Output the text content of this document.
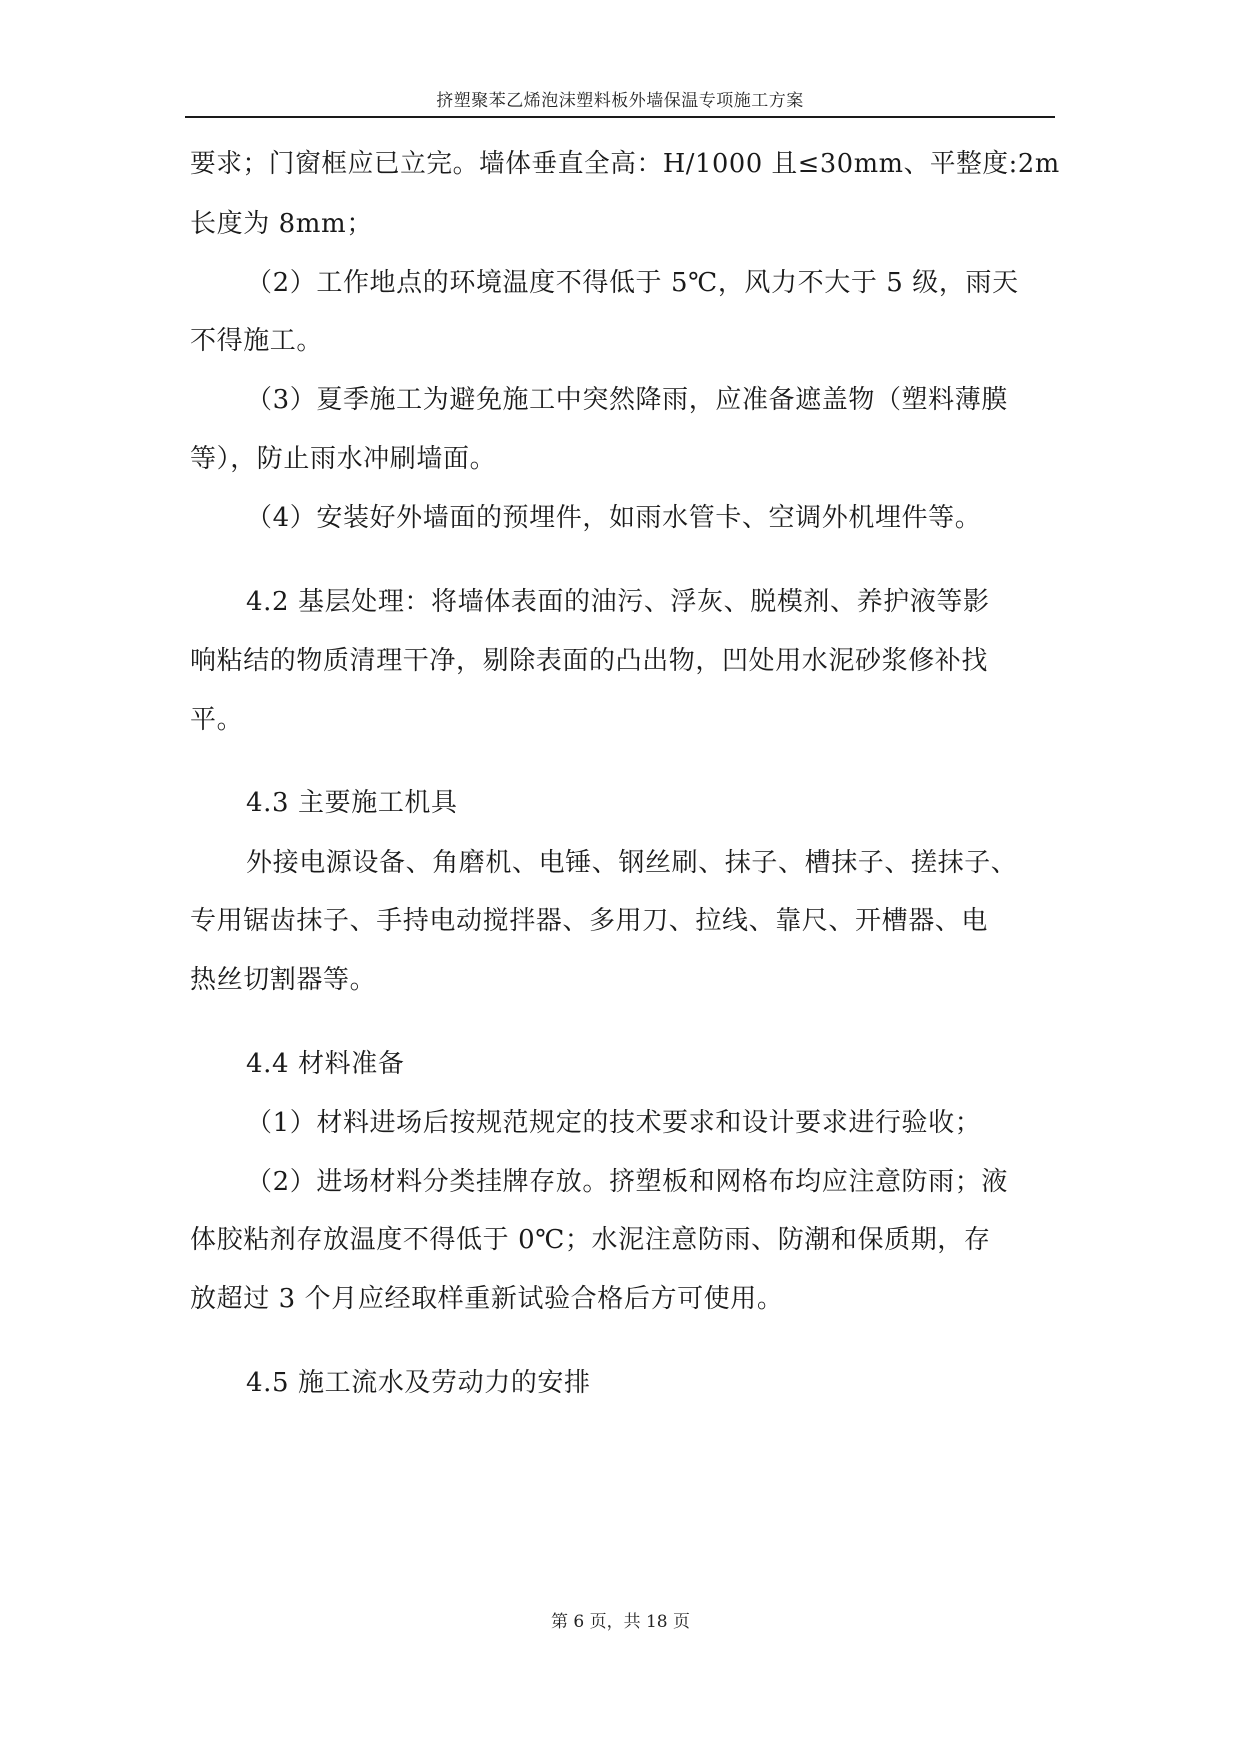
挤塑聚苯乙烯泡沫塑料板外墙保温专项施工方案
要求；门窗框应已立完。墙体垂直全高：H/1000 且≤30mm、平整度:2m
长度为 8mm；
（2）工作地点的环境温度不得低于 5℃，风力不大于 5 级，雨天
不得施工。
（3）夏季施工为避免施工中突然降雨，应准备遮盖物（塑料薄膜
等），防止雨水冲刷墙面。
（4）安装好外墙面的预埋件，如雨水管卡、空调外机埋件等。
4.2 基层处理：将墙体表面的油污、浮灰、脱模剂、养护液等影
响粘结的物质清理干净，剔除表面的凸出物，凹处用水泥砂浆修补找
平。
4.3 主要施工机具
外接电源设备、角磨机、电锤、钢丝刷、抹子、槽抹子、搓抹子、
专用锯齿抹子、手持电动搅拌器、多用刀、拉线、靠尺、开槽器、电
热丝切割器等。
4.4 材料准备
（1）材料进场后按规范规定的技术要求和设计要求进行验收；
（2）进场材料分类挂牌存放。挤塑板和网格布均应注意防雨；液
体胶粘剂存放温度不得低于 0℃；水泥注意防雨、防潮和保质期，存
放超过 3 个月应经取样重新试验合格后方可使用。
4.5 施工流水及劳动力的安排
第 6 页，共 18 页
